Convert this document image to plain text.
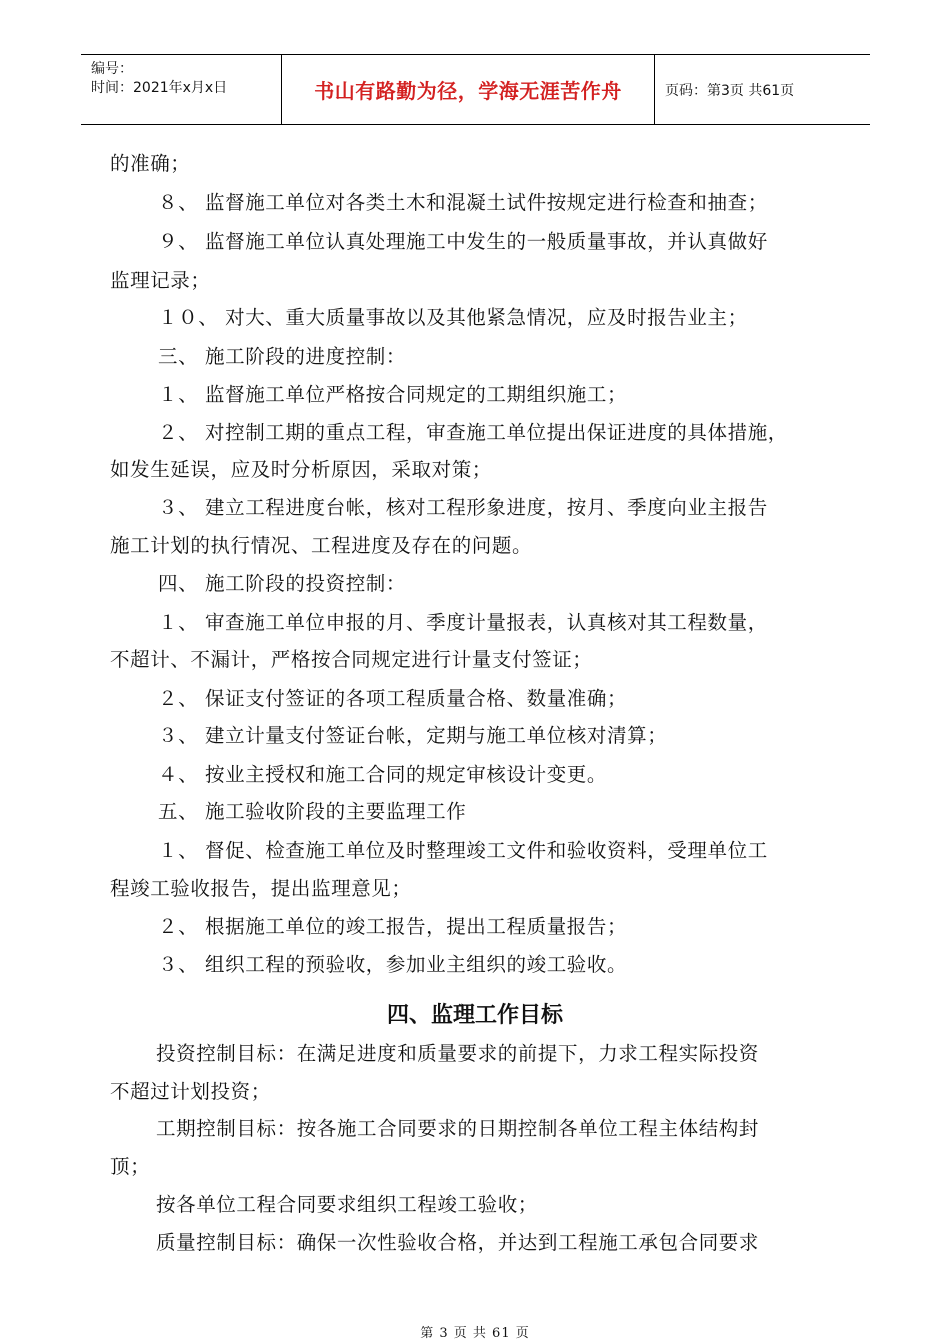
编号：
时间：2021年x月x日	书山有路勤为径，学海无涯苦作舟	页码：第3页 共61页
的准确；
８、 监督施工单位对各类土木和混凝土试件按规定进行检查和抽查；
９、 监督施工单位认真处理施工中发生的一般质量事故，并认真做好
监理记录；
１０、 对大、重大质量事故以及其他紧急情况，应及时报告业主；
三、 施工阶段的进度控制：
１、 监督施工单位严格按合同规定的工期组织施工；
２、 对控制工期的重点工程，审查施工单位提出保证进度的具体措施，
如发生延误，应及时分析原因，采取对策；
３、 建立工程进度台帐，核对工程形象进度，按月、季度向业主报告
施工计划的执行情况、工程进度及存在的问题。
四、 施工阶段的投资控制：
１、 审查施工单位申报的月、季度计量报表，认真核对其工程数量，
不超计、不漏计，严格按合同规定进行计量支付签证；
２、 保证支付签证的各项工程质量合格、数量准确；
３、 建立计量支付签证台帐，定期与施工单位核对清算；
４、 按业主授权和施工合同的规定审核设计变更。
五、 施工验收阶段的主要监理工作
１、 督促、检查施工单位及时整理竣工文件和验收资料，受理单位工
程竣工验收报告，提出监理意见；
２、 根据施工单位的竣工报告，提出工程质量报告；
３、 组织工程的预验收，参加业主组织的竣工验收。
四、监理工作目标
投资控制目标：在满足进度和质量要求的前提下，力求工程实际投资
不超过计划投资；
工期控制目标：按各施工合同要求的日期控制各单位工程主体结构封
顶；
按各单位工程合同要求组织工程竣工验收；
质量控制目标：确保一次性验收合格，并达到工程施工承包合同要求
第 3 页 共 61 页
